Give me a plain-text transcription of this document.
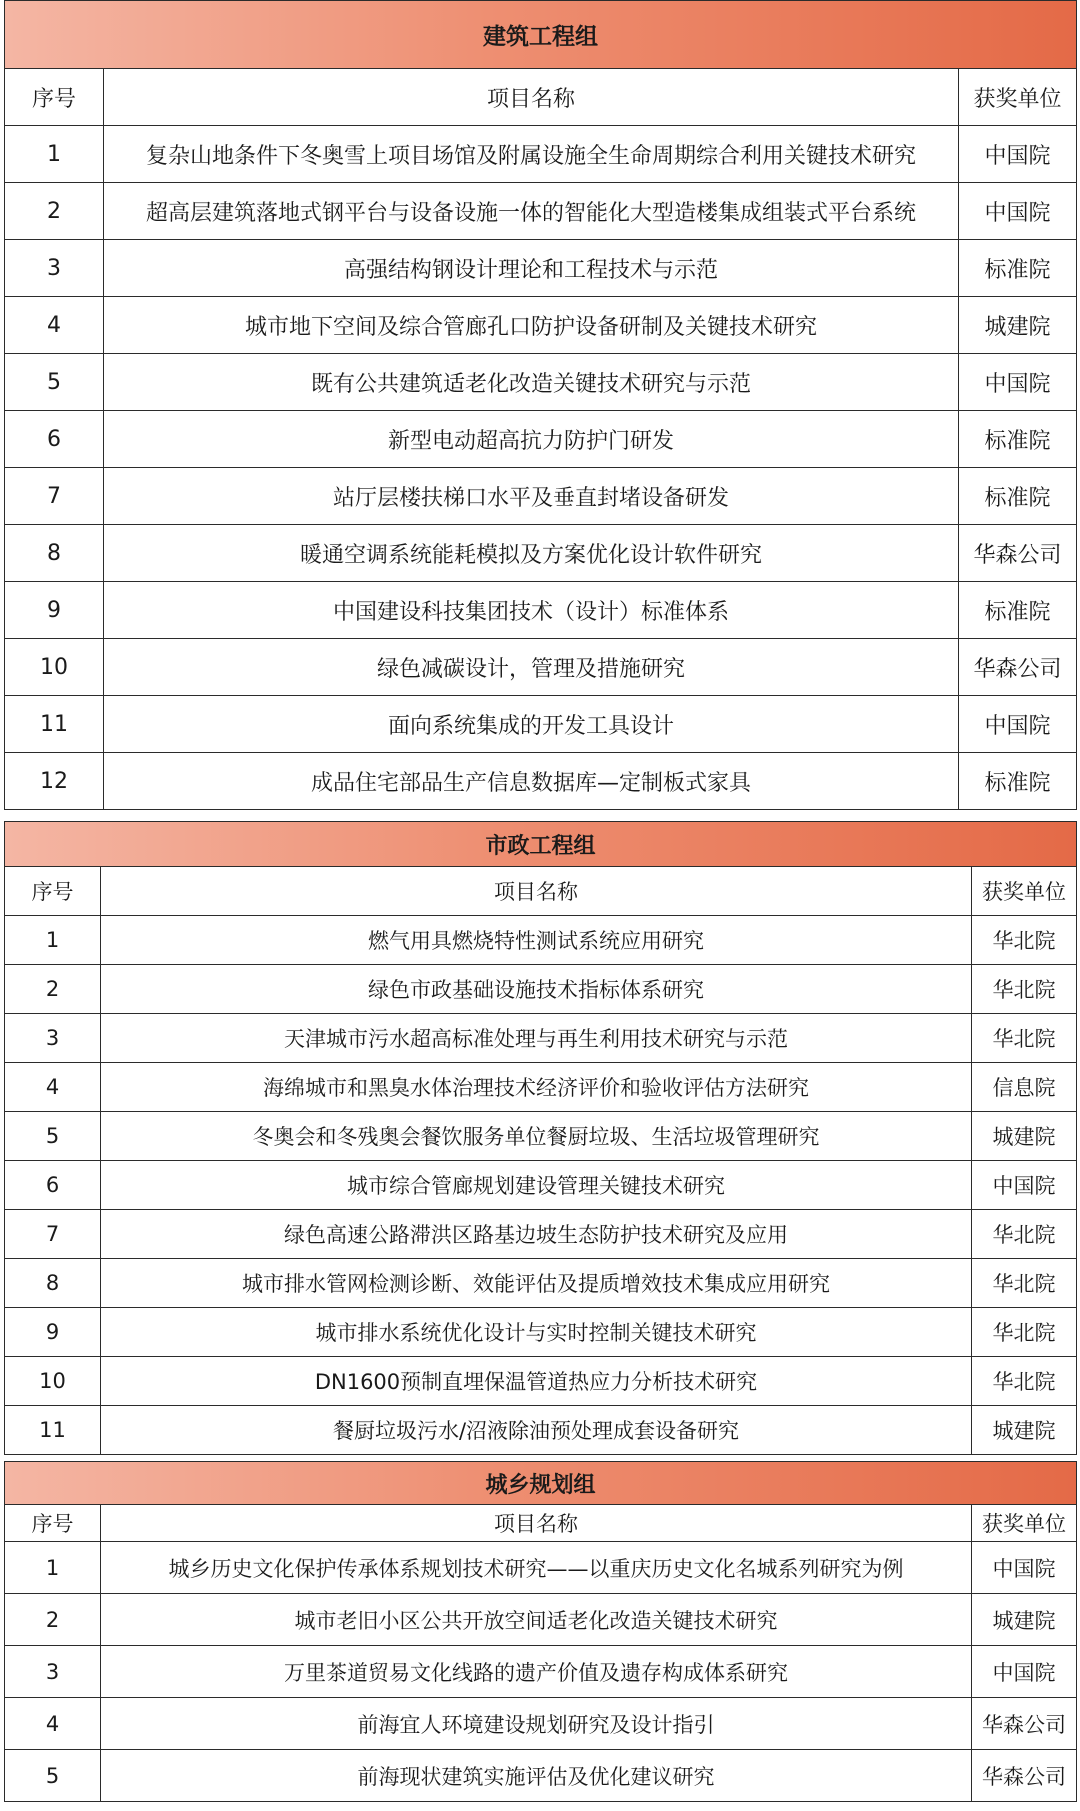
建筑工程组		
序号	项目名称	获奖单位
1	复杂山地条件下冬奥雪上项目场馆及附属设施全生命周期综合利用关键技术研究	中国院
2	超高层建筑落地式钢平台与设备设施一体的智能化大型造楼集成组装式平台系统	中国院
3	高强结构钢设计理论和工程技术与示范	标准院
4	城市地下空间及综合管廊孔口防护设备研制及关键技术研究	城建院
5	既有公共建筑适老化改造关键技术研究与示范	中国院
6	新型电动超高抗力防护门研发	标准院
7	站厅层楼扶梯口水平及垂直封堵设备研发	标准院
8	暖通空调系统能耗模拟及方案优化设计软件研究	华森公司
9	中国建设科技集团技术（设计）标准体系	标准院
10	绿色减碳设计，管理及措施研究	华森公司
11	面向系统集成的开发工具设计	中国院
12	成品住宅部品生产信息数据库—定制板式家具	标准院
市政工程组		
序号	项目名称	获奖单位
1	燃气用具燃烧特性测试系统应用研究	华北院
2	绿色市政基础设施技术指标体系研究	华北院
3	天津城市污水超高标准处理与再生利用技术研究与示范	华北院
4	海绵城市和黑臭水体治理技术经济评价和验收评估方法研究	信息院
5	冬奥会和冬残奥会餐饮服务单位餐厨垃圾、生活垃圾管理研究	城建院
6	城市综合管廊规划建设管理关键技术研究	中国院
7	绿色高速公路滞洪区路基边坡生态防护技术研究及应用	华北院
8	城市排水管网检测诊断、效能评估及提质增效技术集成应用研究	华北院
9	城市排水系统优化设计与实时控制关键技术研究	华北院
10	DN1600预制直埋保温管道热应力分析技术研究	华北院
11	餐厨垃圾污水/沼液除油预处理成套设备研究	城建院
城乡规划组		
序号	项目名称	获奖单位
1	城乡历史文化保护传承体系规划技术研究——以重庆历史文化名城系列研究为例	中国院
2	城市老旧小区公共开放空间适老化改造关键技术研究	城建院
3	万里茶道贸易文化线路的遗产价值及遗存构成体系研究	中国院
4	前海宜人环境建设规划研究及设计指引	华森公司
5	前海现状建筑实施评估及优化建议研究	华森公司
